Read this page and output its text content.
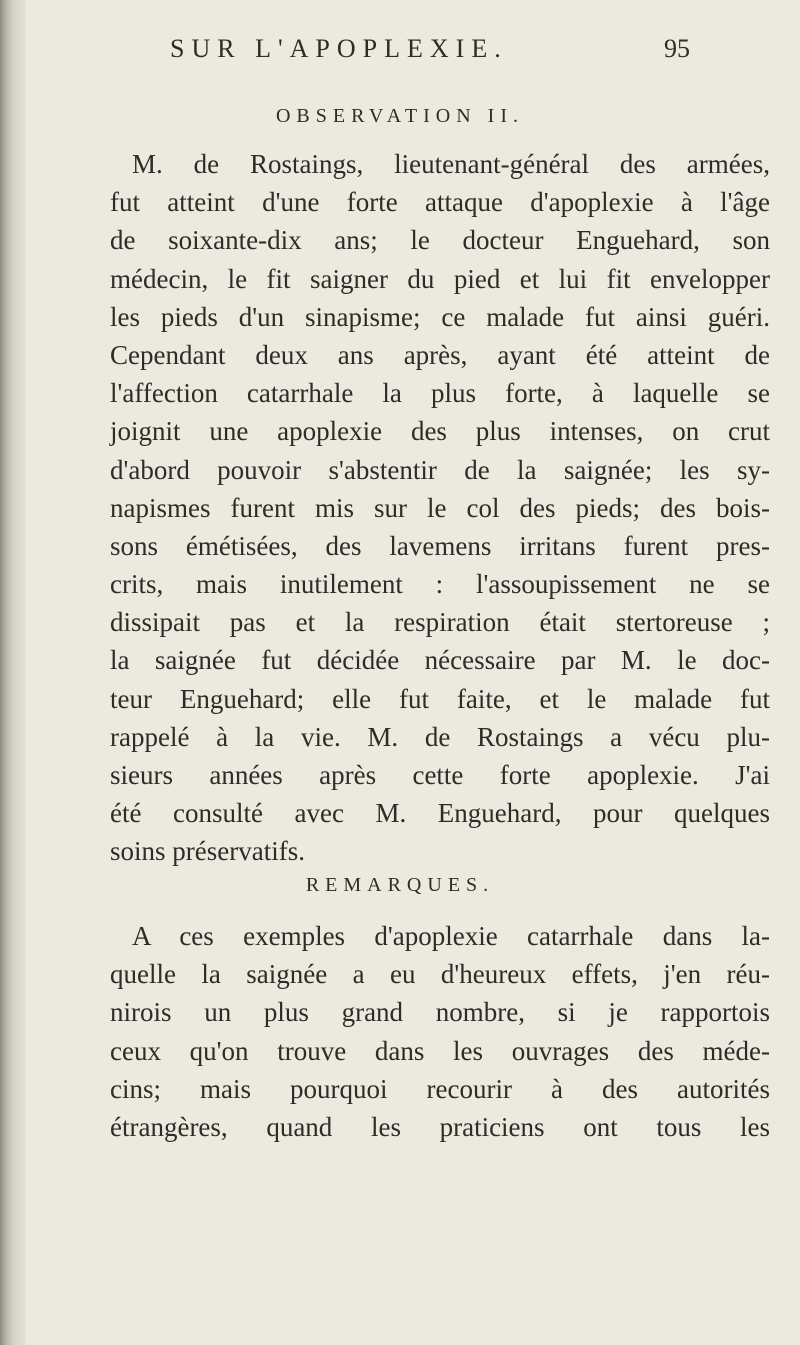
SUR L'APOPLEXIE.	95
OBSERVATION II.
M. de Rostaings, lieutenant-général des armées,
fut atteint d'une forte attaque d'apoplexie à l'âge
de soixante-dix ans; le docteur Enguehard, son
médecin, le fit saigner du pied et lui fit envelopper
les pieds d'un sinapisme; ce malade fut ainsi guéri.
Cependant deux ans après, ayant été atteint de
l'affection catarrhale la plus forte, à laquelle se
joignit une apoplexie des plus intenses, on crut
d'abord pouvoir s'abstentir de la saignée; les sy-
napismes furent mis sur le col des pieds; des bois-
sons émétisées, des lavemens irritans furent pres-
crits, mais inutilement : l'assoupissement ne se
dissipait pas et la respiration était stertoreuse ;
la saignée fut décidée nécessaire par M. le doc-
teur Enguehard; elle fut faite, et le malade fut
rappelé à la vie. M. de Rostaings a vécu plu-
sieurs années après cette forte apoplexie. J'ai
été consulté avec M. Enguehard, pour quelques
soins préservatifs.
REMARQUES.
A ces exemples d'apoplexie catarrhale dans la-
quelle la saignée a eu d'heureux effets, j'en réu-
nirois un plus grand nombre, si je rapportois
ceux qu'on trouve dans les ouvrages des méde-
cins; mais pourquoi recourir à des autorités
étrangères, quand les praticiens ont tous les
